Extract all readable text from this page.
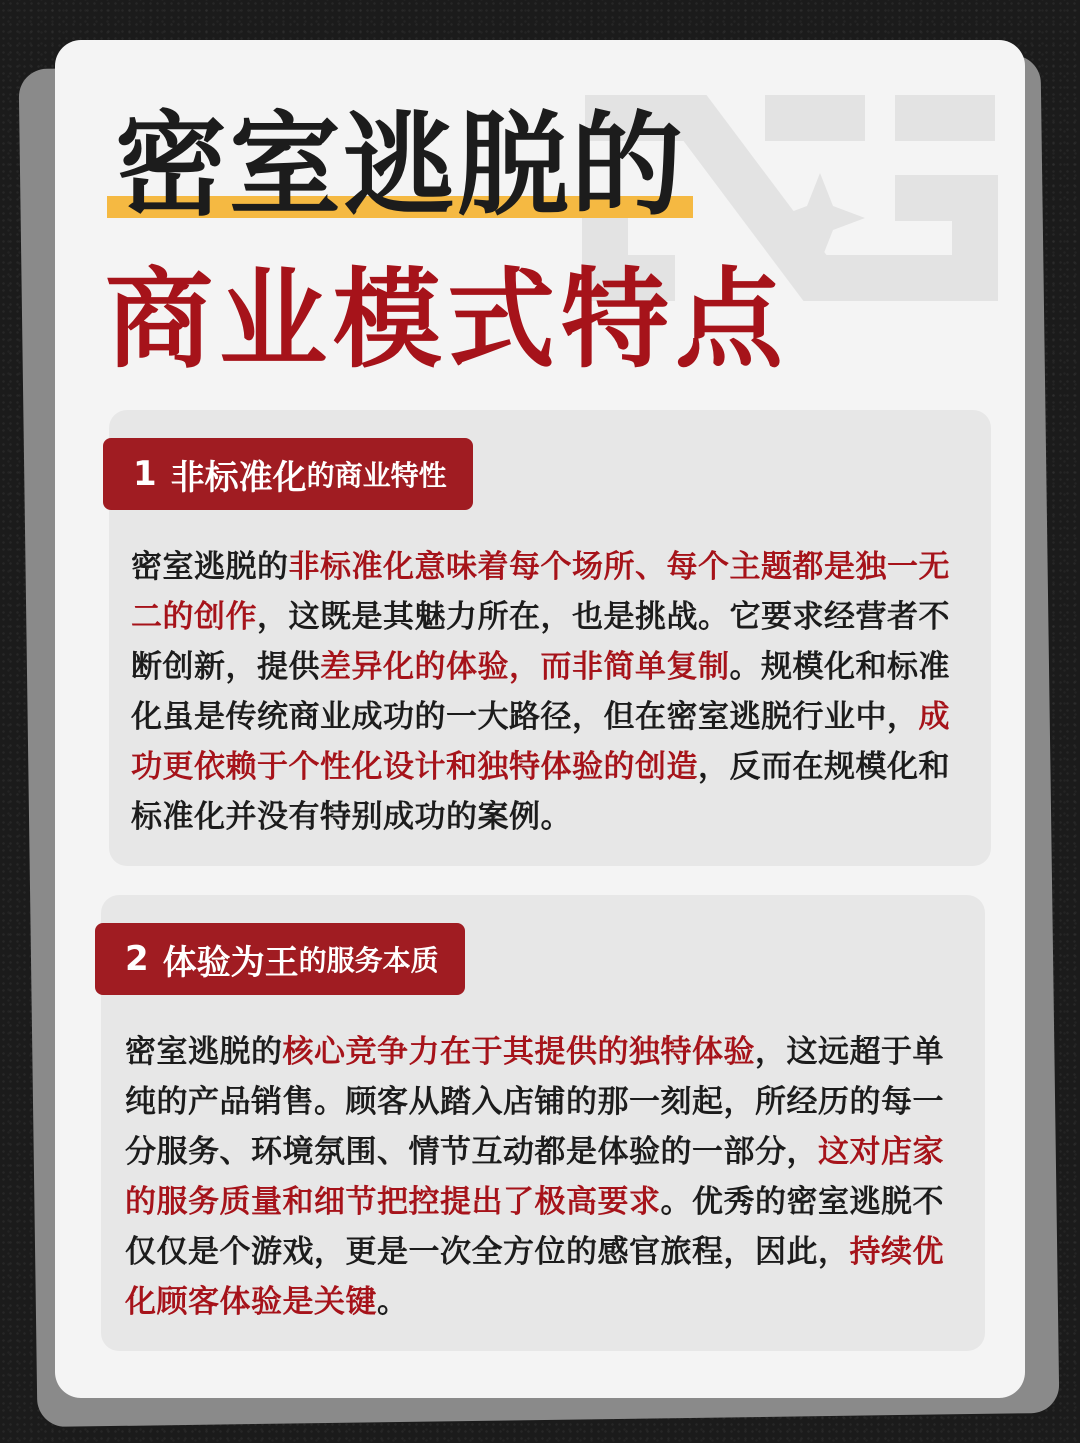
密室逃脱的
商业模式特点
1 非标准化 的商业特性

密室逃脱的非标准化意味着每个场所、每个主题都是独一无二的创作，这既是其魅力所在，也是挑战。它要求经营者不断创新，提供差异化的体验，而非简单复制。规模化和标准化虽是传统商业成功的一大路径，但在密室逃脱行业中，成功更依赖于个性化设计和独特体验的创造，反而在规模化和标准化并没有特别成功的案例。

2 体验为王 的服务本质

密室逃脱的核心竞争力在于其提供的独特体验，这远超于单纯的产品销售。顾客从踏入店铺的那一刻起，所经历的每一分服务、环境氛围、情节互动都是体验的一部分，这对店家的服务质量和细节把控提出了极高要求。优秀的密室逃脱不仅仅是个游戏，更是一次全方位的感官旅程，因此，持续优化顾客体验是关键。
